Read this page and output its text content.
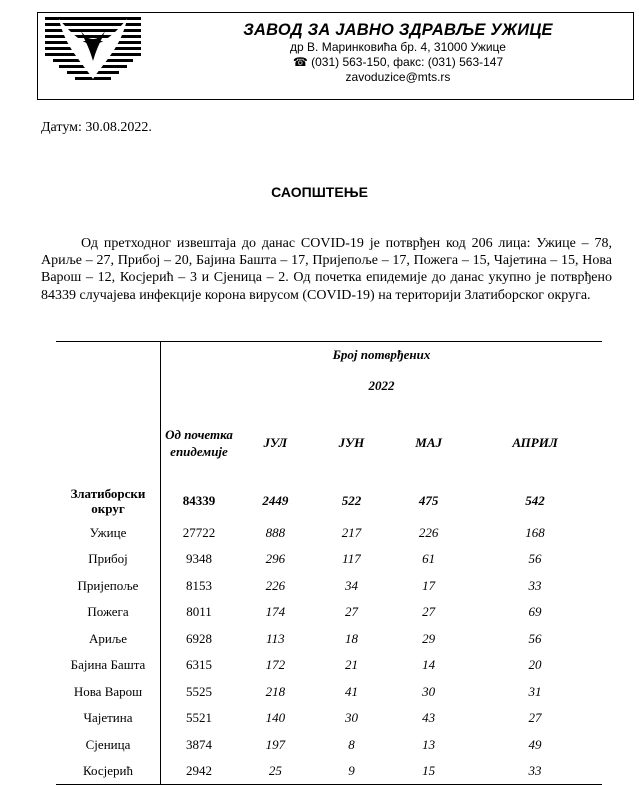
ЗАВОД ЗА ЈАВНО ЗДРАВЉЕ УЖИЦЕ
др В. Маринковића бр. 4, 31000 Ужице
☎ (031) 563-150, факс: (031) 563-147
zavoduzice@mts.rs
Датум: 30.08.2022.
САОПШТЕЊЕ
Од претходног извештаја до данас COVID-19 је потврђен код 206 лица: Ужице – 78, Ариље – 27, Прибој – 20, Бајина Башта – 17, Пријепоље – 17, Пожега – 15, Чајетина – 15, Нова Варош – 12, Косјерић – 3 и Сјеница – 2. Од почетка епидемије до данас укупно је потврђено 84339 случајева инфекције корона вирусом (COVID-19) на територији Златиборског округа.
	Број потврђених				
	2022				
	Од почетка епидемије	ЈУЛ	ЈУН	МАЈ	АПРИЛ
Златиборски округ	84339	2449	522	475	542
Ужице	27722	888	217	226	168
Прибој	9348	296	117	61	56
Пријепоље	8153	226	34	17	33
Пожега	8011	174	27	27	69
Ариље	6928	113	18	29	56
Бајина Башта	6315	172	21	14	20
Нова Варош	5525	218	41	30	31
Чајетина	5521	140	30	43	27
Сјеница	3874	197	8	13	49
Косјерић	2942	25	9	15	33
